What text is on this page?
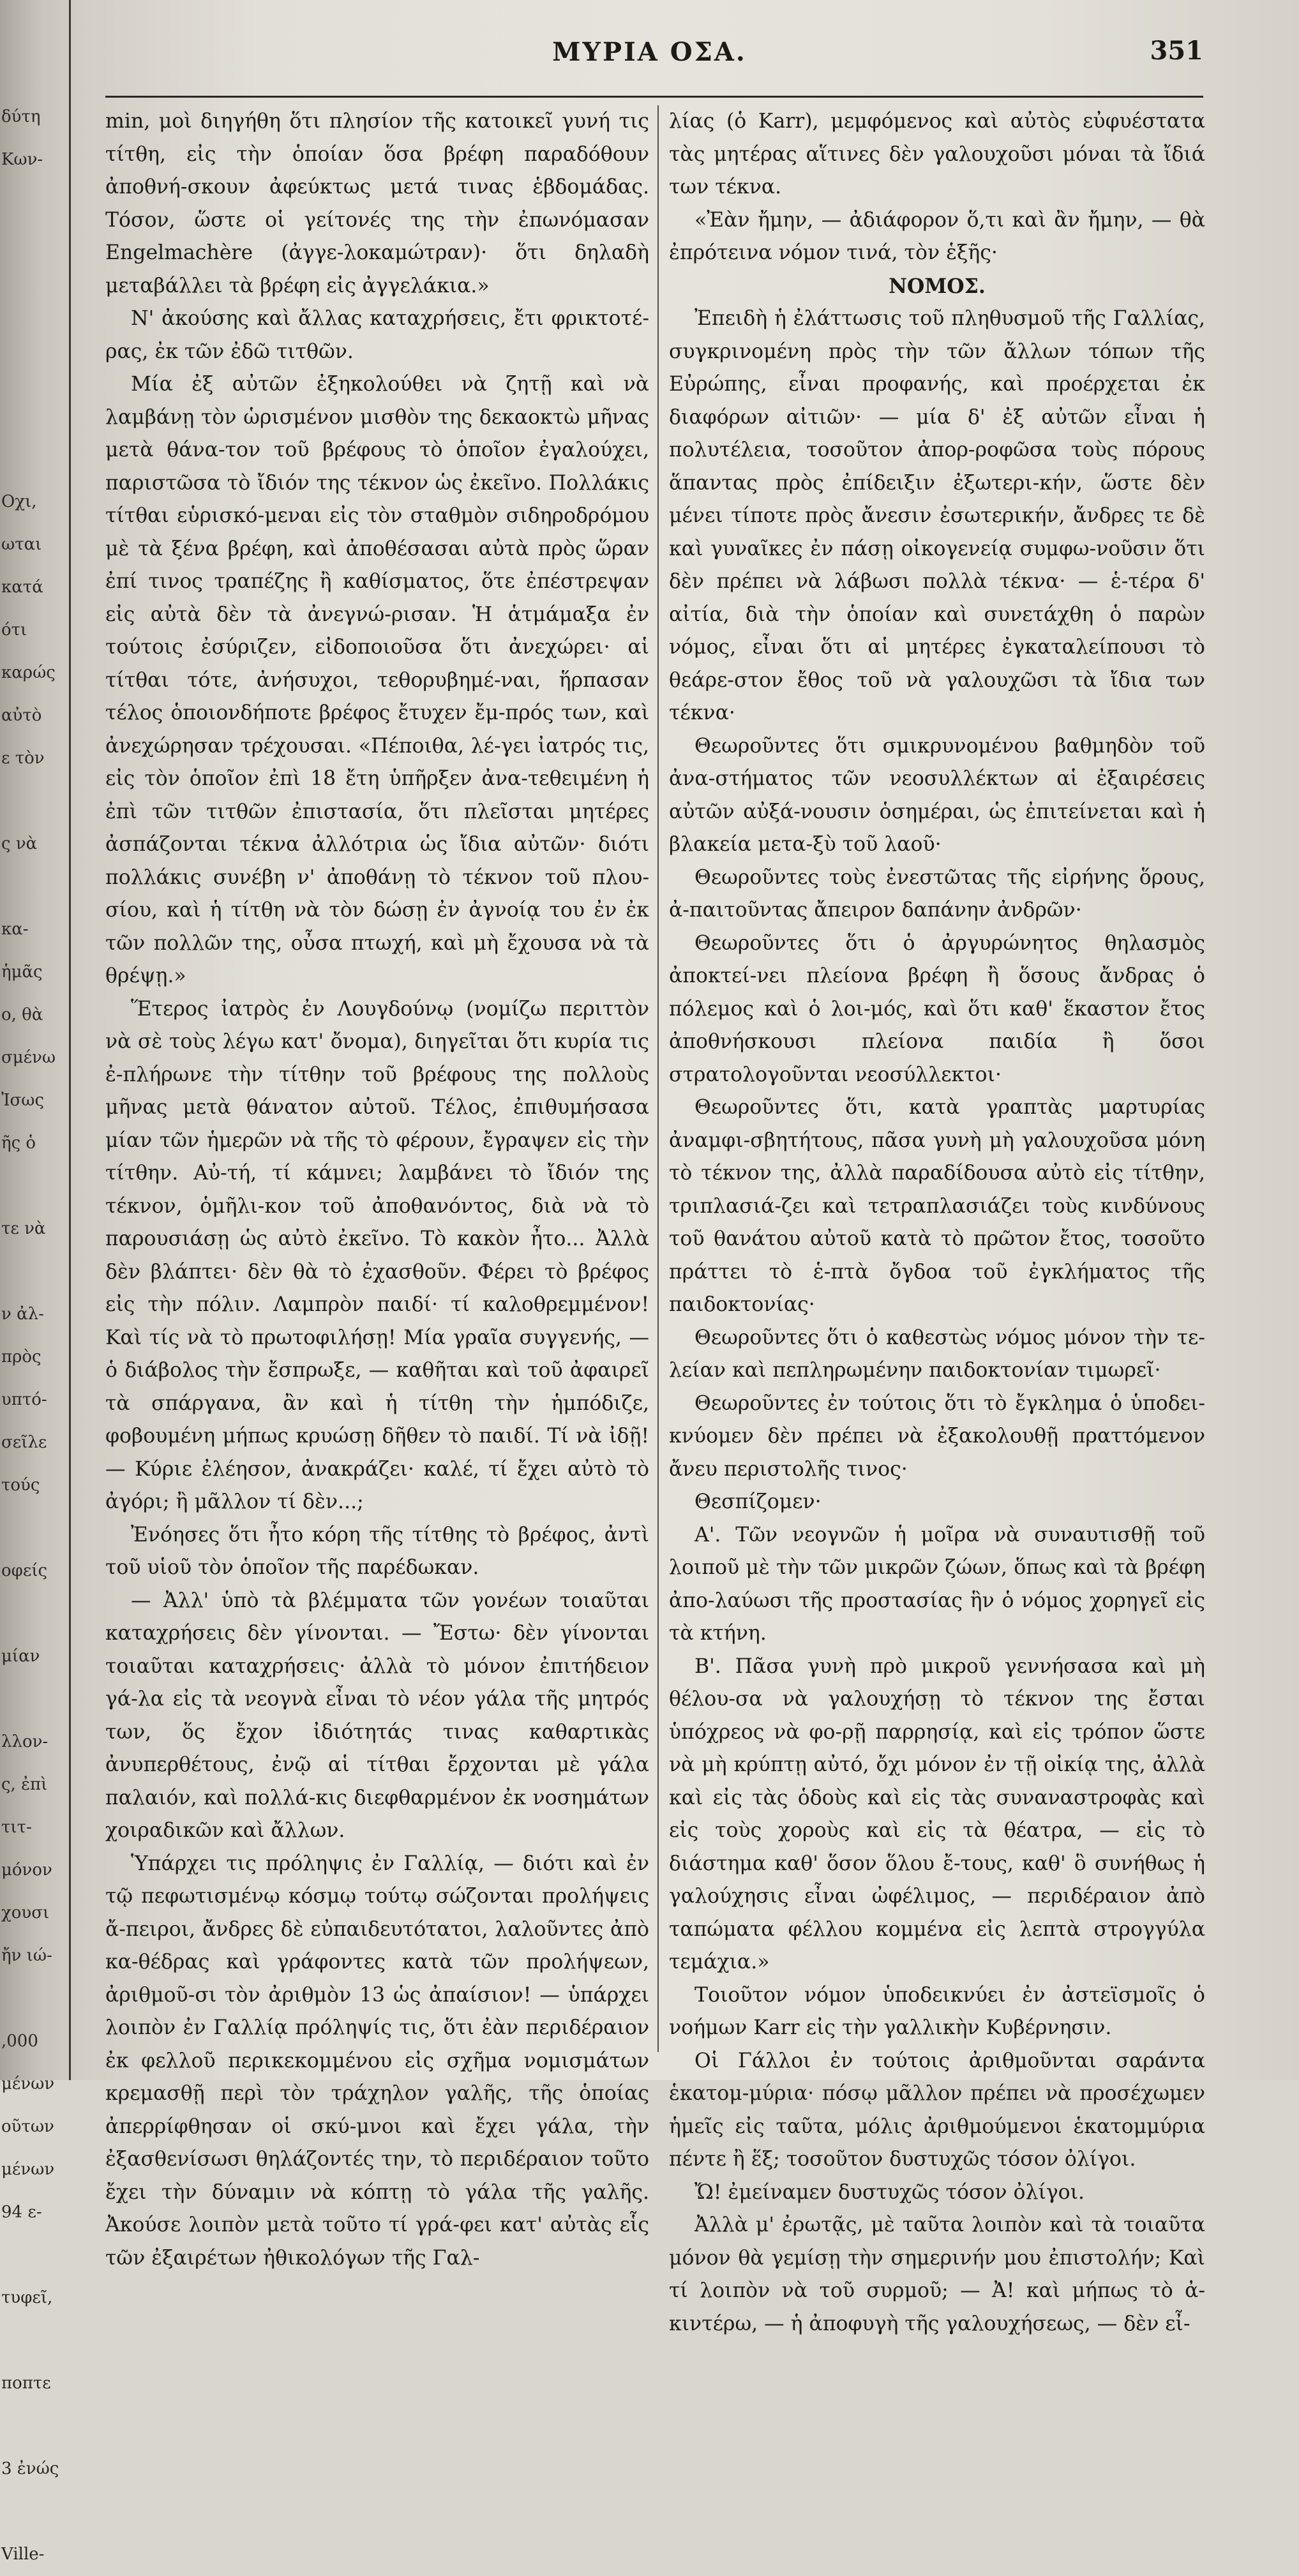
δύτη
Κων-

Οχι,
ωται
κατά
ότι
καρώς
αὐτὸ
ε τὸν

ς νὰ

κα-
ἡμᾶς
ο, θὰ
σμένω
Ἰσως
ῆς ὁ

τε νὰ

ν ἀλ-
πρὸς
υπτό-
σεῖλε
τούς

οφείς

μίαν

λλον-
ς, ἐπὶ
τιτ-
μόνον
χουσι
ἤν ιώ-

,000
μένων
οῦτων
μένων
94 ε-

τυφεῖ,

ποπτε

3 ἐνώς

Ville-
ΜΥΡΙΑ ΟΣΑ.	351

min, μοὶ διηγήθη ὅτι πλησίον τῆς κατοικεῖ γυνή τις τίτθη, εἰς τὴν ὁποίαν ὅσα βρέφη παραδόθουν ἀποθνή-σκουν ἀφεύκτως μετά τινας ἑβδομάδας. Τόσον, ὥστε οἱ γείτονές της τὴν ἐπωνόμασαν Engelmachère (ἀγγε-λοκαμώτραν)· ὅτι δηλαδὴ μεταβάλλει τὰ βρέφη εἰς ἀγγελάκια.»

Ν' ἀκούσης καὶ ἄλλας καταχρήσεις, ἔτι φρικτοτέ-ρας, ἐκ τῶν ἐδῶ τιτθῶν.

Μία ἐξ αὐτῶν ἐξηκολούθει νὰ ζητῇ καὶ νὰ λαμβάνῃ τὸν ὡρισμένον μισθὸν της δεκαοκτὼ μῆνας μετὰ θάνα-τον τοῦ βρέφους τὸ ὁποῖον ἐγαλούχει, παριστῶσα τὸ ἴδιόν της τέκνον ὡς ἐκεῖνο. Πολλάκις τίτθαι εὑρισκό-μεναι εἰς τὸν σταθμὸν σιδηροδρόμου μὲ τὰ ξένα βρέφη, καὶ ἀποθέσασαι αὐτὰ πρὸς ὥραν ἐπί τινος τραπέζης ἢ καθίσματος, ὅτε ἐπέστρεψαν εἰς αὐτὰ δὲν τὰ ἀνεγνώ-ρισαν. Ἡ ἁτμάμαξα ἐν τούτοις ἐσύριζεν, εἰδοποιοῦσα ὅτι ἀνεχώρει· αἱ τίτθαι τότε, ἀνήσυχοι, τεθορυβημέ-ναι, ἥρπασαν τέλος ὁποιονδήποτε βρέφος ἔτυχεν ἔμ-πρός των, καὶ ἀνεχώρησαν τρέχουσαι. «Πέποιθα, λέ-γει ἰατρός τις, εἰς τὸν ὁποῖον ἐπὶ 18 ἔτη ὑπῆρξεν ἀνα-τεθειμένη ἡ ἐπὶ τῶν τιτθῶν ἐπιστασία, ὅτι πλεῖσται μητέρες ἀσπάζονται τέκνα ἀλλότρια ὡς ἴδια αὐτῶν· διότι πολλάκις συνέβη ν' ἀποθάνῃ τὸ τέκνον τοῦ πλου-σίου, καὶ ἡ τίτθη νὰ τὸν δώσῃ ἐν ἀγνοίᾳ του ἐν ἐκ τῶν πολλῶν της, οὖσα πτωχή, καὶ μὴ ἔχουσα νὰ τὰ θρέψῃ.»

Ἕτερος ἰατρὸς ἐν Λουγδούνῳ (νομίζω περιττὸν νὰ σὲ τοὺς λέγω κατ' ὄνομα), διηγεῖται ὅτι κυρία τις ἐ-πλήρωνε τὴν τίτθην τοῦ βρέφους της πολλοὺς μῆνας μετὰ θάνατον αὐτοῦ. Τέλος, ἐπιθυμήσασα μίαν τῶν ἡμερῶν νὰ τῆς τὸ φέρουν, ἔγραψεν εἰς τὴν τίτθην. Αὐ-τή, τί κάμνει; λαμβάνει τὸ ἴδιόν της τέκνον, ὁμῆλι-κον τοῦ ἀποθανόντος, διὰ νὰ τὸ παρουσιάσῃ ὡς αὐτὸ ἐκεῖνο. Τὸ κακὸν ἦτο... Ἀλλὰ δὲν βλάπτει· δὲν θὰ τὸ ἐχασθοῦν. Φέρει τὸ βρέφος εἰς τὴν πόλιν. Λαμπρὸν παιδί· τί καλοθρεμμένον! Καὶ τίς νὰ τὸ πρωτοφιλήσῃ! Μία γραῖα συγγενής, — ὁ διάβολος τὴν ἔσπρωξε, — καθῆται καὶ τοῦ ἀφαιρεῖ τὰ σπάργανα, ἂν καὶ ἡ τίτθη τὴν ἡμπόδιζε, φοβουμένη μήπως κρυώσῃ δῆθεν τὸ παιδί. Τί νὰ ἰδῇ! — Κύριε ἐλέησον, ἀνακράζει· καλέ, τί ἔχει αὐτὸ τὸ ἀγόρι; ἢ μᾶλλον τί δὲν...;

Ἐνόησες ὅτι ἦτο κόρη τῆς τίτθης τὸ βρέφος, ἀντὶ τοῦ υἱοῦ τὸν ὁποῖον τῆς παρέδωκαν.

— Ἀλλ' ὑπὸ τὰ βλέμματα τῶν γονέων τοιαῦται καταχρήσεις δὲν γίνονται. — Ἔστω· δὲν γίνονται τοιαῦται καταχρήσεις· ἀλλὰ τὸ μόνον ἐπιτήδειον γά-λα εἰς τὰ νεογνὰ εἶναι τὸ νέον γάλα τῆς μητρός των, ὅς ἔχον ἰδιότητάς τινας καθαρτικὰς ἀνυπερθέτους, ἐνῷ αἱ τίτθαι ἔρχονται μὲ γάλα παλαιόν, καὶ πολλά-κις διεφθαρμένον ἐκ νοσημάτων χοιραδικῶν καὶ ἄλλων.

Ὑπάρχει τις πρόληψις ἐν Γαλλίᾳ, — διότι καὶ ἐν τῷ πεφωτισμένῳ κόσμῳ τούτῳ σώζονται προλήψεις ἄ-πειροι, ἄνδρες δὲ εὐπαιδευτότατοι, λαλοῦντες ἀπὸ κα-θέδρας καὶ γράφοντες κατὰ τῶν προλήψεων, ἀριθμοῦ-σι τὸν ἀριθμὸν 13 ὡς ἀπαίσιον! — ὑπάρχει λοιπὸν ἐν Γαλλίᾳ πρόληψίς τις, ὅτι ἐὰν περιδέραιον ἐκ φελλοῦ περικεκομμένου εἰς σχῆμα νομισμάτων κρεμασθῇ περὶ τὸν τράχηλον γαλῆς, τῆς ὁποίας ἀπερρίφθησαν οἱ σκύ-μνοι καὶ ἔχει γάλα, τὴν ἐξασθενίσωσι θηλάζοντές την, τὸ περιδέραιον τοῦτο ἔχει τὴν δύναμιν νὰ κόπτῃ τὸ γάλα τῆς γαλῆς. Ἀκούσε λοιπὸν μετὰ τοῦτο τί γρά-φει κατ' αὐτὰς εἷς τῶν ἐξαιρέτων ἠθικολόγων τῆς Γαλ-

λίας (ὁ Karr), μεμφόμενος καὶ αὐτὸς εὐφυέστατα τὰς μητέρας αἵτινες δὲν γαλουχοῦσι μόναι τὰ ἴδιά των τέκνα.

«Ἐὰν ἤμην, — ἀδιάφορον ὅ,τι καὶ ἂν ἤμην, — θὰ ἐπρότεινα νόμον τινά, τὸν ἑξῆς·

ΝΟΜΟΣ.

Ἐπειδὴ ἡ ἐλάττωσις τοῦ πληθυσμοῦ τῆς Γαλλίας, συγκρινομένη πρὸς τὴν τῶν ἄλλων τόπων τῆς Εὐρώπης, εἶναι προφανής, καὶ προέρχεται ἐκ διαφόρων αἰτιῶν· — μία δ' ἐξ αὐτῶν εἶναι ἡ πολυτέλεια, τοσοῦτον ἀπορ-ροφῶσα τοὺς πόρους ἅπαντας πρὸς ἐπίδειξιν ἐξωτερι-κήν, ὥστε δὲν μένει τίποτε πρὸς ἄνεσιν ἐσωτερικήν, ἄνδρες τε δὲ καὶ γυναῖκες ἐν πάσῃ οἰκογενείᾳ συμφω-νοῦσιν ὅτι δὲν πρέπει νὰ λάβωσι πολλὰ τέκνα· — ἑ-τέρα δ' αἰτία, διὰ τὴν ὁποίαν καὶ συνετάχθη ὁ παρὼν νόμος, εἶναι ὅτι αἱ μητέρες ἐγκαταλείπουσι τὸ θεάρε-στον ἔθος τοῦ νὰ γαλουχῶσι τὰ ἴδια των τέκνα·

Θεωροῦντες ὅτι σμικρυνομένου βαθμηδὸν τοῦ ἀνα-στήματος τῶν νεοσυλλέκτων αἱ ἐξαιρέσεις αὐτῶν αὐξά-νουσιν ὁσημέραι, ὡς ἐπιτείνεται καὶ ἡ βλακεία μετα-ξὺ τοῦ λαοῦ·

Θεωροῦντες τοὺς ἐνεστῶτας τῆς εἰρήνης ὅρους, ἀ-παιτοῦντας ἄπειρον δαπάνην ἀνδρῶν·

Θεωροῦντες ὅτι ὁ ἀργυρώνητος θηλασμὸς ἀποκτεί-νει πλείονα βρέφη ἢ ὅσους ἄνδρας ὁ πόλεμος καὶ ὁ λοι-μός, καὶ ὅτι καθ' ἕκαστον ἔτος ἀποθνήσκουσι πλείονα παιδία ἢ ὅσοι στρατολογοῦνται νεοσύλλεκτοι·

Θεωροῦντες ὅτι, κατὰ γραπτὰς μαρτυρίας ἀναμφι-σβητήτους, πᾶσα γυνὴ μὴ γαλουχοῦσα μόνη τὸ τέκνον της, ἀλλὰ παραδίδουσα αὐτὸ εἰς τίτθην, τριπλασιά-ζει καὶ τετραπλασιάζει τοὺς κινδύνους τοῦ θανάτου αὐτοῦ κατὰ τὸ πρῶτον ἔτος, τοσοῦτο πράττει τὸ ἑ-πτὰ ὄγδοα τοῦ ἐγκλήματος τῆς παιδοκτονίας·

Θεωροῦντες ὅτι ὁ καθεστὼς νόμος μόνον τὴν τε-λείαν καὶ πεπληρωμένην παιδοκτονίαν τιμωρεῖ·

Θεωροῦντες ἐν τούτοις ὅτι τὸ ἔγκλημα ὁ ὑποδει-κνύομεν δὲν πρέπει νὰ ἐξακολουθῇ πραττόμενον ἄνευ περιστολῆς τινος·

Θεσπίζομεν·

Α'. Τῶν νεογνῶν ἡ μοῖρα νὰ συναυτισθῇ τοῦ λοιποῦ μὲ τὴν τῶν μικρῶν ζώων, ὅπως καὶ τὰ βρέφη ἀπο-λαύωσι τῆς προστασίας ἣν ὁ νόμος χορηγεῖ εἰς τὰ κτήνη.

Β'. Πᾶσα γυνὴ πρὸ μικροῦ γεννήσασα καὶ μὴ θέλου-σα νὰ γαλουχήσῃ τὸ τέκνον της ἔσται ὑπόχρεος νὰ φο-ρῇ παρρησίᾳ, καὶ εἰς τρόπον ὥστε νὰ μὴ κρύπτῃ αὐτό, ὄχι μόνον ἐν τῇ οἰκίᾳ της, ἀλλὰ καὶ εἰς τὰς ὁδοὺς καὶ εἰς τὰς συναναστροφὰς καὶ εἰς τοὺς χοροὺς καὶ εἰς τὰ θέατρα, — εἰς τὸ διάστημα καθ' ὅσον ὅλου ἔ-τους, καθ' ὃ συνήθως ἡ γαλούχησις εἶναι ὠφέλιμος, — περιδέραιον ἀπὸ ταπώματα φέλλου κομμένα εἰς λεπτὰ στρογγύλα τεμάχια.»

Τοιοῦτον νόμον ὑποδεικνύει ἐν ἀστεϊσμοῖς ὁ νοήμων Karr εἰς τὴν γαλλικὴν Κυβέρνησιν.

Οἱ Γάλλοι ἐν τούτοις ἀριθμοῦνται σαράντα ἑκατομ-μύρια· πόσῳ μᾶλλον πρέπει νὰ προσέχωμεν ἡμεῖς εἰς ταῦτα, μόλις ἀριθμούμενοι ἑκατομμύρια πέντε ἢ ἕξ; τοσοῦτον δυστυχῶς τόσον ὀλίγοι.

Ὤ! ἐμείναμεν δυστυχῶς τόσον ὀλίγοι.

Ἀλλὰ μ' ἐρωτᾷς, μὲ ταῦτα λοιπὸν καὶ τὰ τοιαῦτα μόνον θὰ γεμίσῃ τὴν σημερινήν μου ἐπιστολήν; Καὶ τί λοιπὸν νὰ τοῦ συρμοῦ; — Ἀ! καὶ μήπως τὸ ἀ-κιντέρω, — ἡ ἀποφυγὴ τῆς γαλουχήσεως, — δὲν εἶ-
